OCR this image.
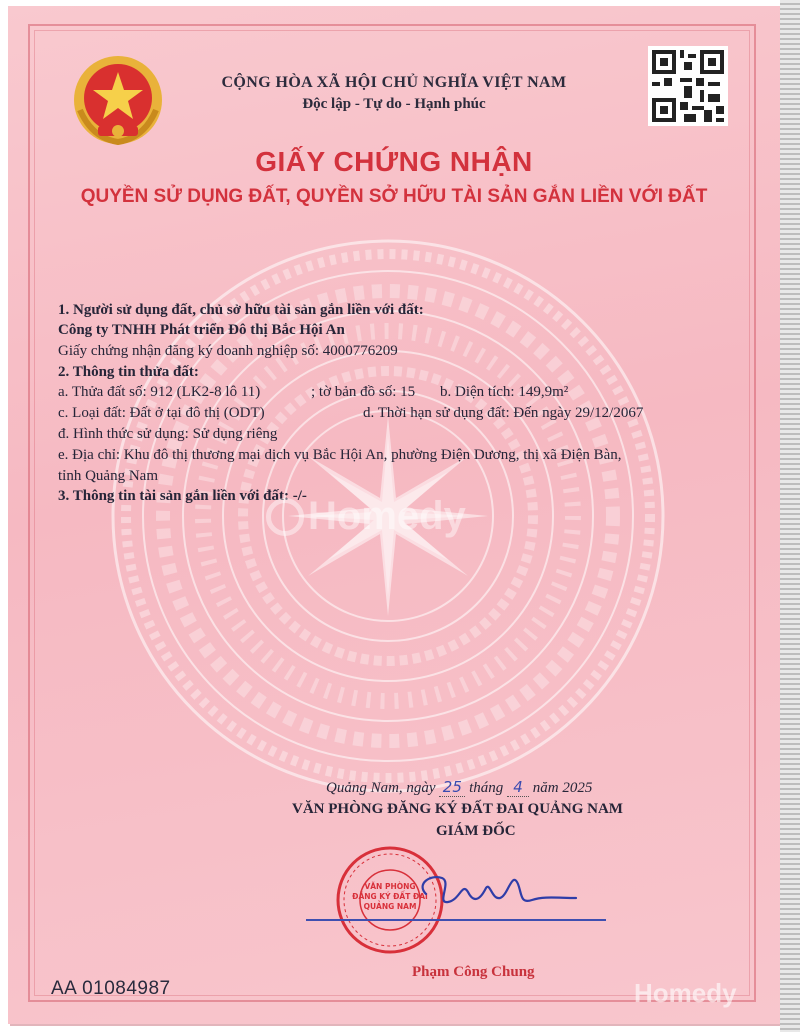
CỘNG HÒA XÃ HỘI CHỦ NGHĨA VIỆT NAM
Độc lập - Tự do - Hạnh phúc
GIẤY CHỨNG NHẬN
QUYỀN SỬ DỤNG ĐẤT, QUYỀN SỞ HỮU TÀI SẢN GẮN LIỀN VỚI ĐẤT
1. Người sử dụng đất, chủ sở hữu tài sản gắn liền với đất:
Công ty TNHH Phát triển Đô thị Bắc Hội An
Giấy chứng nhận đăng ký doanh nghiệp số: 4000776209
2. Thông tin thửa đất:
a. Thửa đất số: 912 (LK2-8 lô 11)	; tờ bản đồ số: 15 b. Diện tích: 149,9m²
c. Loại đất: Đất ở tại đô thị (ODT)	d. Thời hạn sử dụng đất: Đến ngày 29/12/2067
đ. Hình thức sử dụng: Sử dụng riêng
e. Địa chỉ: Khu đô thị thương mại dịch vụ Bắc Hội An, phường Điện Dương, thị xã Điện Bàn,
tỉnh Quảng Nam
3. Thông tin tài sản gắn liền với đất: -/- Homedy
Quảng Nam, ngày 25 tháng 4 năm 2025
VĂN PHÒNG ĐĂNG KÝ ĐẤT ĐAI QUẢNG NAM
GIÁM ĐỐC
VĂN PHÒNG
ĐĂNG KÝ ĐẤT ĐAI
QUẢNG NAM
Phạm Công Chung
AA 01084987	Homedy
